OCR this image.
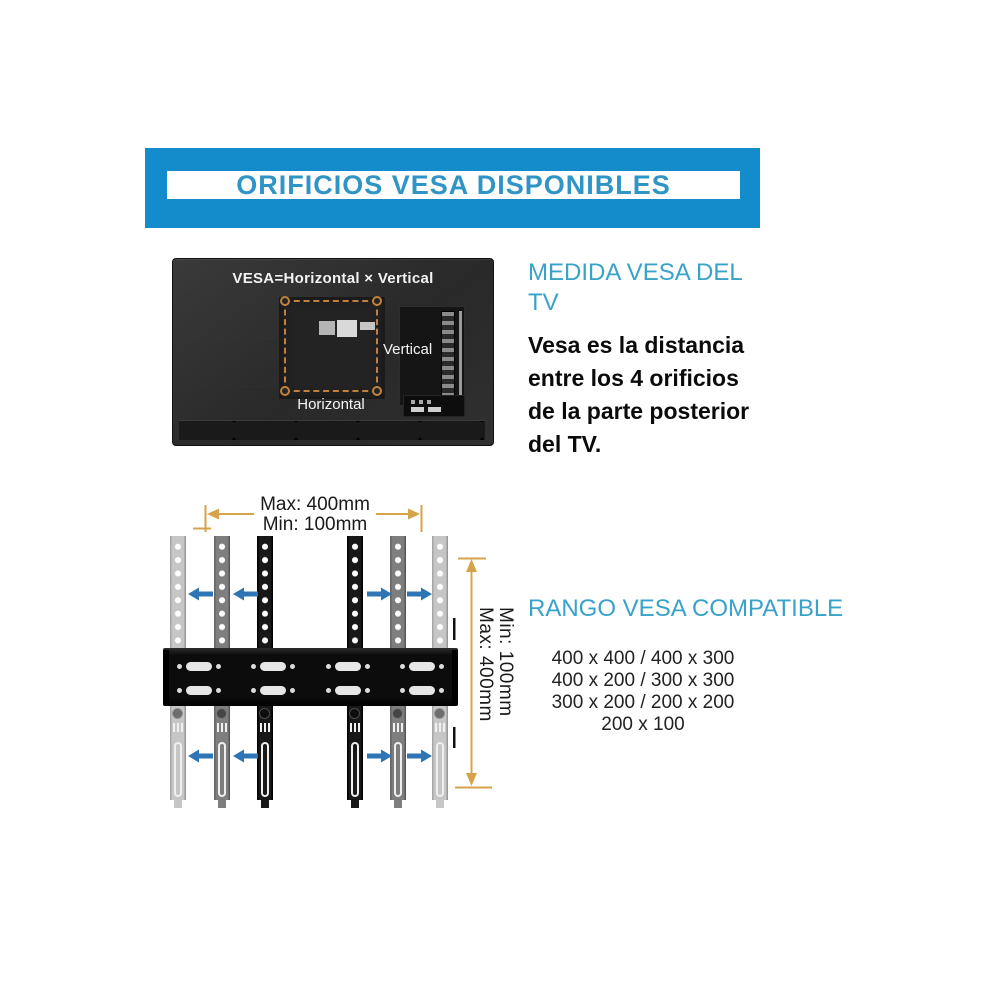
ORIFICIOS VESA DISPONIBLES
VESA=Horizontal × Vertical
Vertical
Horizontal
MEDIDA VESA DEL
TV
Vesa es la distancia
entre los 4 orificios
de la parte posterior
del TV.
Max: 400mm
Min: 100mm
Max: 400mm Min: 100mm RANGO VESA COMPATIBLE
400 x 400 / 400 x 300
400 x 200 / 300 x 300
300 x 200 / 200 x 200
200 x 100
